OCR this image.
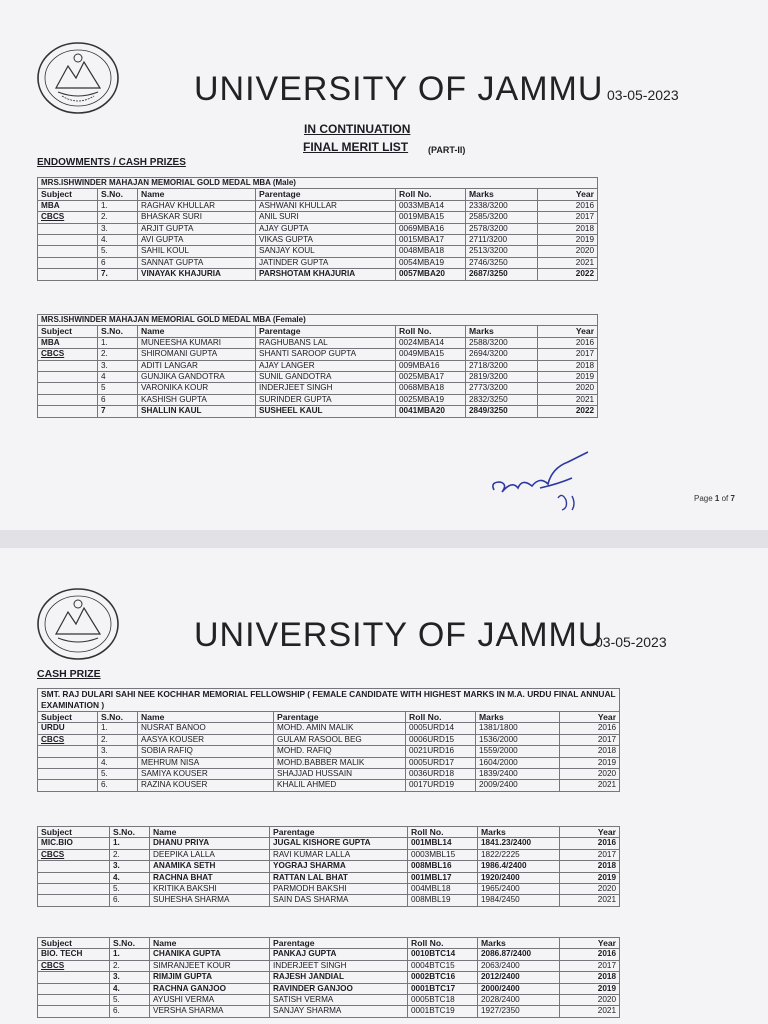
UNIVERSITY OF JAMMU 03-05-2023
IN CONTINUATION
FINAL MERIT LIST (PART-II)
ENDOWMENTS / CASH PRIZES
MRS.ISHWINDER MAHAJAN MEMORIAL GOLD MEDAL MBA (Male)						
Subject	S.No.	Name	Parentage	Roll No.	Marks	Year
MBA	1.	RAGHAV KHULLAR	ASHWANI KHULLAR	0033MBA14	2338/3200	2016
CBCS	2.	BHASKAR SURI	ANIL SURI	0019MBA15	2585/3200	2017
	3.	ARJIT GUPTA	AJAY GUPTA	0069MBA16	2578/3200	2018
	4.	AVI GUPTA	VIKAS GUPTA	0015MBA17	2711/3200	2019
	5.	SAHIL KOUL	SANJAY KOUL	0048MBA18	2513/3200	2020
	6	SANNAT GUPTA	JATINDER GUPTA	0054MBA19	2746/3250	2021
	7.	VINAYAK KHAJURIA	PARSHOTAM KHAJURIA	0057MBA20	2687/3250	2022
MRS.ISHWINDER MAHAJAN MEMORIAL GOLD MEDAL MBA (Female)						
Subject	S.No.	Name	Parentage	Roll No.	Marks	Year
MBA	1.	MUNEESHA KUMARI	RAGHUBANS LAL	0024MBA14	2588/3200	2016
CBCS	2.	SHIROMANI GUPTA	SHANTI SAROOP GUPTA	0049MBA15	2694/3200	2017
	3.	ADITI LANGAR	AJAY LANGER	009MBA16	2718/3200	2018
	4	GUNJIKA GANDOTRA	SUNIL GANDOTRA	0025MBA17	2819/3200	2019
	5	VARONIKA KOUR	INDERJEET SINGH	0068MBA18	2773/3200	2020
	6	KASHISH GUPTA	SURINDER GUPTA	0025MBA19	2832/3250	2021
	7	SHALLIN KAUL	SUSHEEL KAUL	0041MBA20	2849/3250	2022
Page 1 of 7
UNIVERSITY OF JAMMU
03-05-2023
CASH PRIZE
SMT. RAJ DULARI SAHI NEE KOCHHAR MEMORIAL FELLOWSHIP ( FEMALE CANDIDATE WITH HIGHEST MARKS IN M.A. URDU FINAL ANNUAL EXAMINATION )						
Subject	S.No.	Name	Parentage	Roll No.	Marks	Year
URDU	1.	NUSRAT BANOO	MOHD. AMIN MALIK	0005URD14	1381/1800	2016
CBCS	2.	AASYA KOUSER	GULAM RASOOL BEG	0006URD15	1536/2000	2017
	3.	SOBIA RAFIQ	MOHD. RAFIQ	0021URD16	1559/2000	2018
	4.	MEHRUM NISA	MOHD.BABBER MALIK	0005URD17	1604/2000	2019
	5.	SAMIYA KOUSER	SHAJJAD HUSSAIN	0036URD18	1839/2400	2020
	6.	RAZINA KOUSER	KHALIL AHMED	0017URD19	2009/2400	2021
Subject	S.No.	Name	Parentage	Roll No.	Marks	Year
MIC.BIO	1.	DHANU PRIYA	JUGAL KISHORE GUPTA	001MBL14	1841.23/2400	2016
CBCS	2.	DEEPIKA LALLA	RAVI KUMAR LALLA	0003MBL15	1822/2225	2017
	3.	ANAMIKA SETH	YOGRAJ SHARMA	008MBL16	1986.4/2400	2018
	4.	RACHNA BHAT	RATTAN LAL BHAT	001MBL17	1920/2400	2019
	5.	KRITIKA BAKSHI	PARMODH BAKSHI	004MBL18	1965/2400	2020
	6.	SUHESHA SHARMA	SAIN DAS SHARMA	008MBL19	1984/2450	2021
Subject	S.No.	Name	Parentage	Roll No.	Marks	Year
BIO. TECH	1.	CHANIKA GUPTA	PANKAJ GUPTA	0010BTC14	2086.87/2400	2016
CBCS	2.	SIMRANJEET KOUR	INDERJEET SINGH	0004BTC15	2063/2400	2017
	3.	RIMJIM GUPTA	RAJESH JANDIAL	0002BTC16	2012/2400	2018
	4.	RACHNA GANJOO	RAVINDER GANJOO	0001BTC17	2000/2400	2019
	5.	AYUSHI VERMA	SATISH VERMA	0005BTC18	2028/2400	2020
	6.	VERSHA SHARMA	SANJAY SHARMA	0001BTC19	1927/2350	2021
